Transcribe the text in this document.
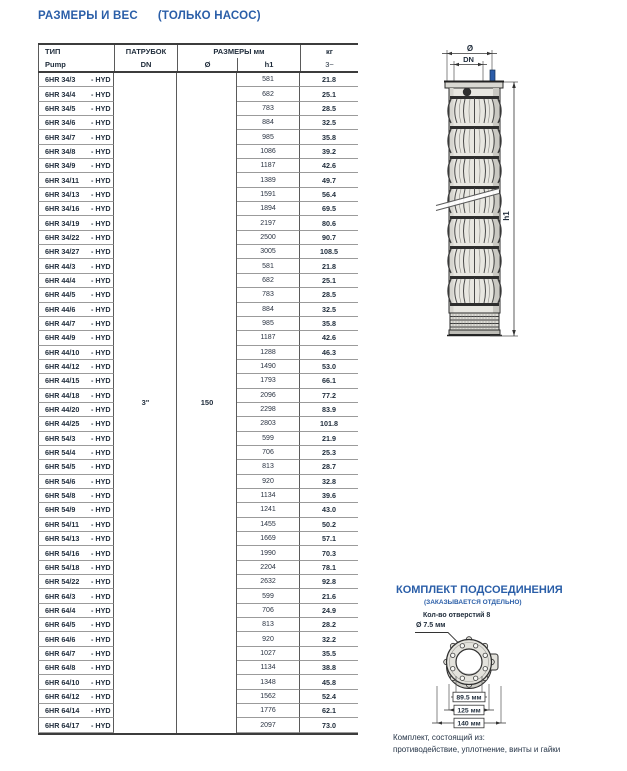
РАЗМЕРЫ И ВЕС (ТОЛЬКО НАСОС)
ТИП	ПАТРУБОК	РАЗМЕРЫ мм	кг
Pump	DN	Ø	h1	3~
3"	150
6HR 34/3	- HYD	581	21.8
6HR 34/4	- HYD	682	25.1
6HR 34/5	- HYD	783	28.5
6HR 34/6	- HYD	884	32.5
6HR 34/7	- HYD	985	35.8
6HR 34/8	- HYD	1086	39.2
6HR 34/9	- HYD	1187	42.6
6HR 34/11	- HYD	1389	49.7
6HR 34/13	- HYD	1591	56.4
6HR 34/16	- HYD	1894	69.5
6HR 34/19	- HYD	2197	80.6
6HR 34/22	- HYD	2500	90.7
6HR 34/27	- HYD	3005	108.5
6HR 44/3	- HYD	581	21.8
6HR 44/4	- HYD	682	25.1
6HR 44/5	- HYD	783	28.5
6HR 44/6	- HYD	884	32.5
6HR 44/7	- HYD	985	35.8
6HR 44/9	- HYD	1187	42.6
6HR 44/10	- HYD	1288	46.3
6HR 44/12	- HYD	1490	53.0
6HR 44/15	- HYD	1793	66.1
6HR 44/18	- HYD	2096	77.2
6HR 44/20	- HYD	2298	83.9
6HR 44/25	- HYD	2803	101.8
6HR 54/3	- HYD	599	21.9
6HR 54/4	- HYD	706	25.3
6HR 54/5	- HYD	813	28.7
6HR 54/6	- HYD	920	32.8
6HR 54/8	- HYD	1134	39.6
6HR 54/9	- HYD	1241	43.0
6HR 54/11	- HYD	1455	50.2
6HR 54/13	- HYD	1669	57.1
6HR 54/16	- HYD	1990	70.3
6HR 54/18	- HYD	2204	78.1
6HR 54/22	- HYD	2632	92.8
6HR 64/3	- HYD	599	21.6
6HR 64/4	- HYD	706	24.9
6HR 64/5	- HYD	813	28.2
6HR 64/6	- HYD	920	32.2
6HR 64/7	- HYD	1027	35.5
6HR 64/8	- HYD	1134	38.8
6HR 64/10	- HYD	1348	45.8
6HR 64/12	- HYD	1562	52.4
6HR 64/14	- HYD	1776	62.1
6HR 64/17	- HYD	2097	73.0
Ø
DN
h1
КОМПЛЕКТ ПОДСОЕДИНЕНИЯ
(ЗАКАЗЫВАЕТСЯ ОТДЕЛЬНО)
Кол-во отверстий 8
Ø 7.5 мм
89.5 мм
125 мм
140 мм
Комплект, состоящий из:
противодействие, уплотнение, винты и гайки
